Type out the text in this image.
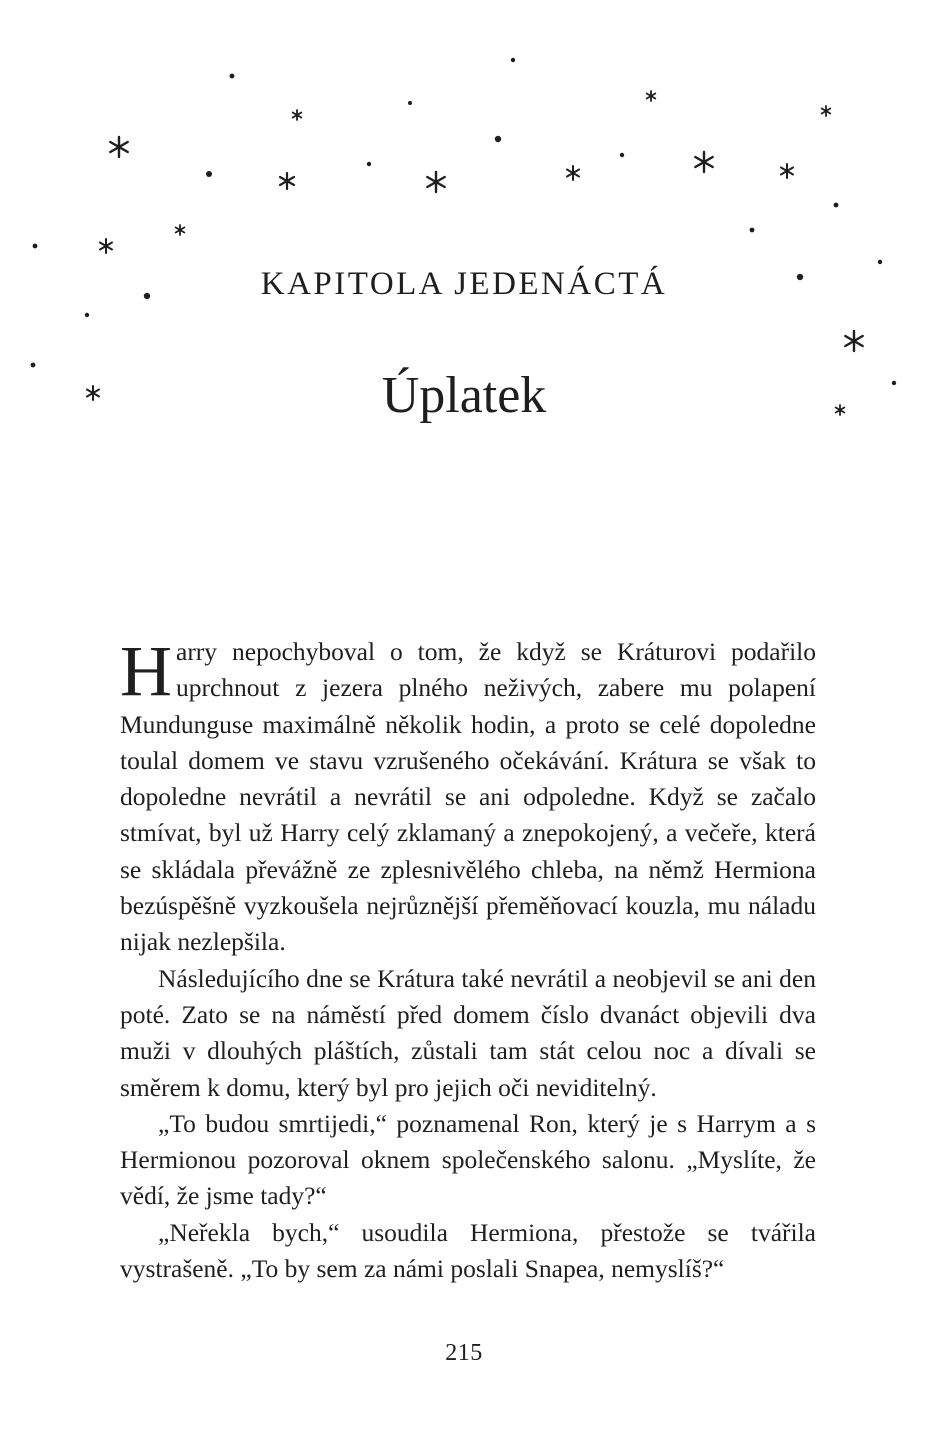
KAPITOLA JEDENÁCTÁ
Úplatek

Harry nepochyboval o tom, že když se Kráturovi podařilo uprchnout z jezera plného neživých, zabere mu polapení Mundunguse maximálně několik hodin, a proto se celé dopoledne toulal domem ve stavu vzrušeného očekávání. Krátura se však to dopoledne nevrátil a nevrátil se ani odpoledne. Když se začalo stmívat, byl už Harry celý zklamaný a znepokojený, a večeře, která se skládala převážně ze zplesnivělého chleba, na němž Hermiona bezúspěšně vyzkoušela nejrůznější přeměňovací kouzla, mu náladu nijak nezlepšila.

Následujícího dne se Krátura také nevrátil a neobjevil se ani den poté. Zato se na náměstí před domem číslo dvanáct objevili dva muži v dlouhých pláštích, zůstali tam stát celou noc a dívali se směrem k domu, který byl pro jejich oči neviditelný.

„To budou smrtijedi,“ poznamenal Ron, který je s Harrym a s Hermionou pozoroval oknem společenského salonu. „Myslíte, že vědí, že jsme tady?“

„Neřekla bych,“ usoudila Hermiona, přestože se tvářila vystrašeně. „To by sem za námi poslali Snapea, nemyslíš?“

215
